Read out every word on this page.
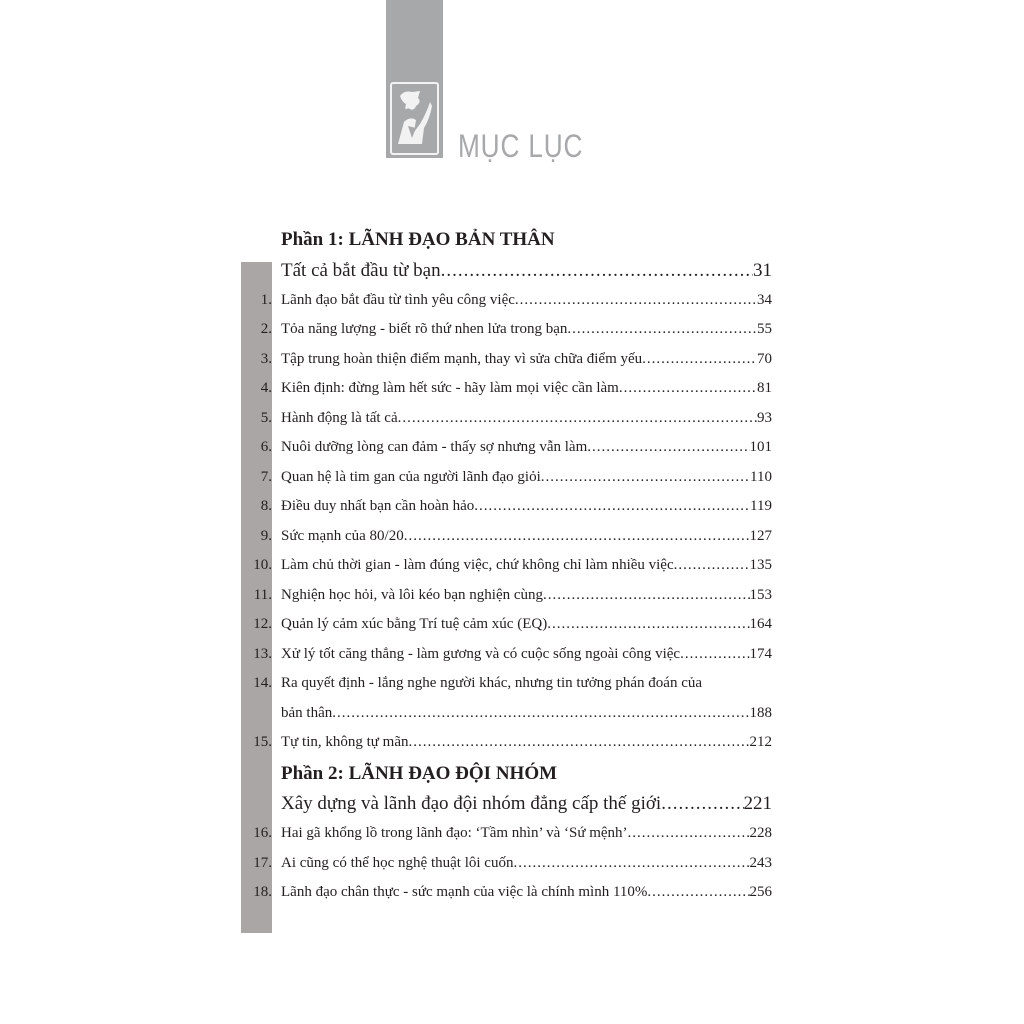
MỤC LỤC
Phần 1: LÃNH ĐẠO BẢN THÂN
Tất cả bắt đầu từ bạn .....	31
1. Lãnh đạo bắt đầu từ tình yêu công việc .....	34
2. Tỏa năng lượng - biết rõ thứ nhen lửa trong bạn .....	55
3. Tập trung hoàn thiện điểm mạnh, thay vì sửa chữa điểm yếu .....	70
4. Kiên định: đừng làm hết sức - hãy làm mọi việc cần làm .....	81
5. Hành động là tất cả .....	93
6. Nuôi dưỡng lòng can đảm - thấy sợ nhưng vẫn làm .....	101
7. Quan hệ là tim gan của người lãnh đạo giỏi .....	110
8. Điều duy nhất bạn cần hoàn hảo .....	119
9. Sức mạnh của 80/20 .....	127
10. Làm chủ thời gian - làm đúng việc, chứ không chỉ làm nhiều việc .....	135
11. Nghiện học hỏi, và lôi kéo bạn nghiện cùng .....	153
12. Quản lý cảm xúc bằng Trí tuệ cảm xúc (EQ) .....	164
13. Xử lý tốt căng thẳng - làm gương và có cuộc sống ngoài công việc .....	174
14. Ra quyết định - lắng nghe người khác, nhưng tin tưởng phán đoán của
bản thân .....	188
15. Tự tin, không tự mãn .....	212
Phần 2: LÃNH ĐẠO ĐỘI NHÓM
Xây dựng và lãnh đạo đội nhóm đẳng cấp thế giới .....	221
16. Hai gã khổng lồ trong lãnh đạo: ‘Tầm nhìn’ và ‘Sứ mệnh’ .....	228
17. Ai cũng có thể học nghệ thuật lôi cuốn .....	243
18. Lãnh đạo chân thực - sức mạnh của việc là chính mình 110% .....	256
